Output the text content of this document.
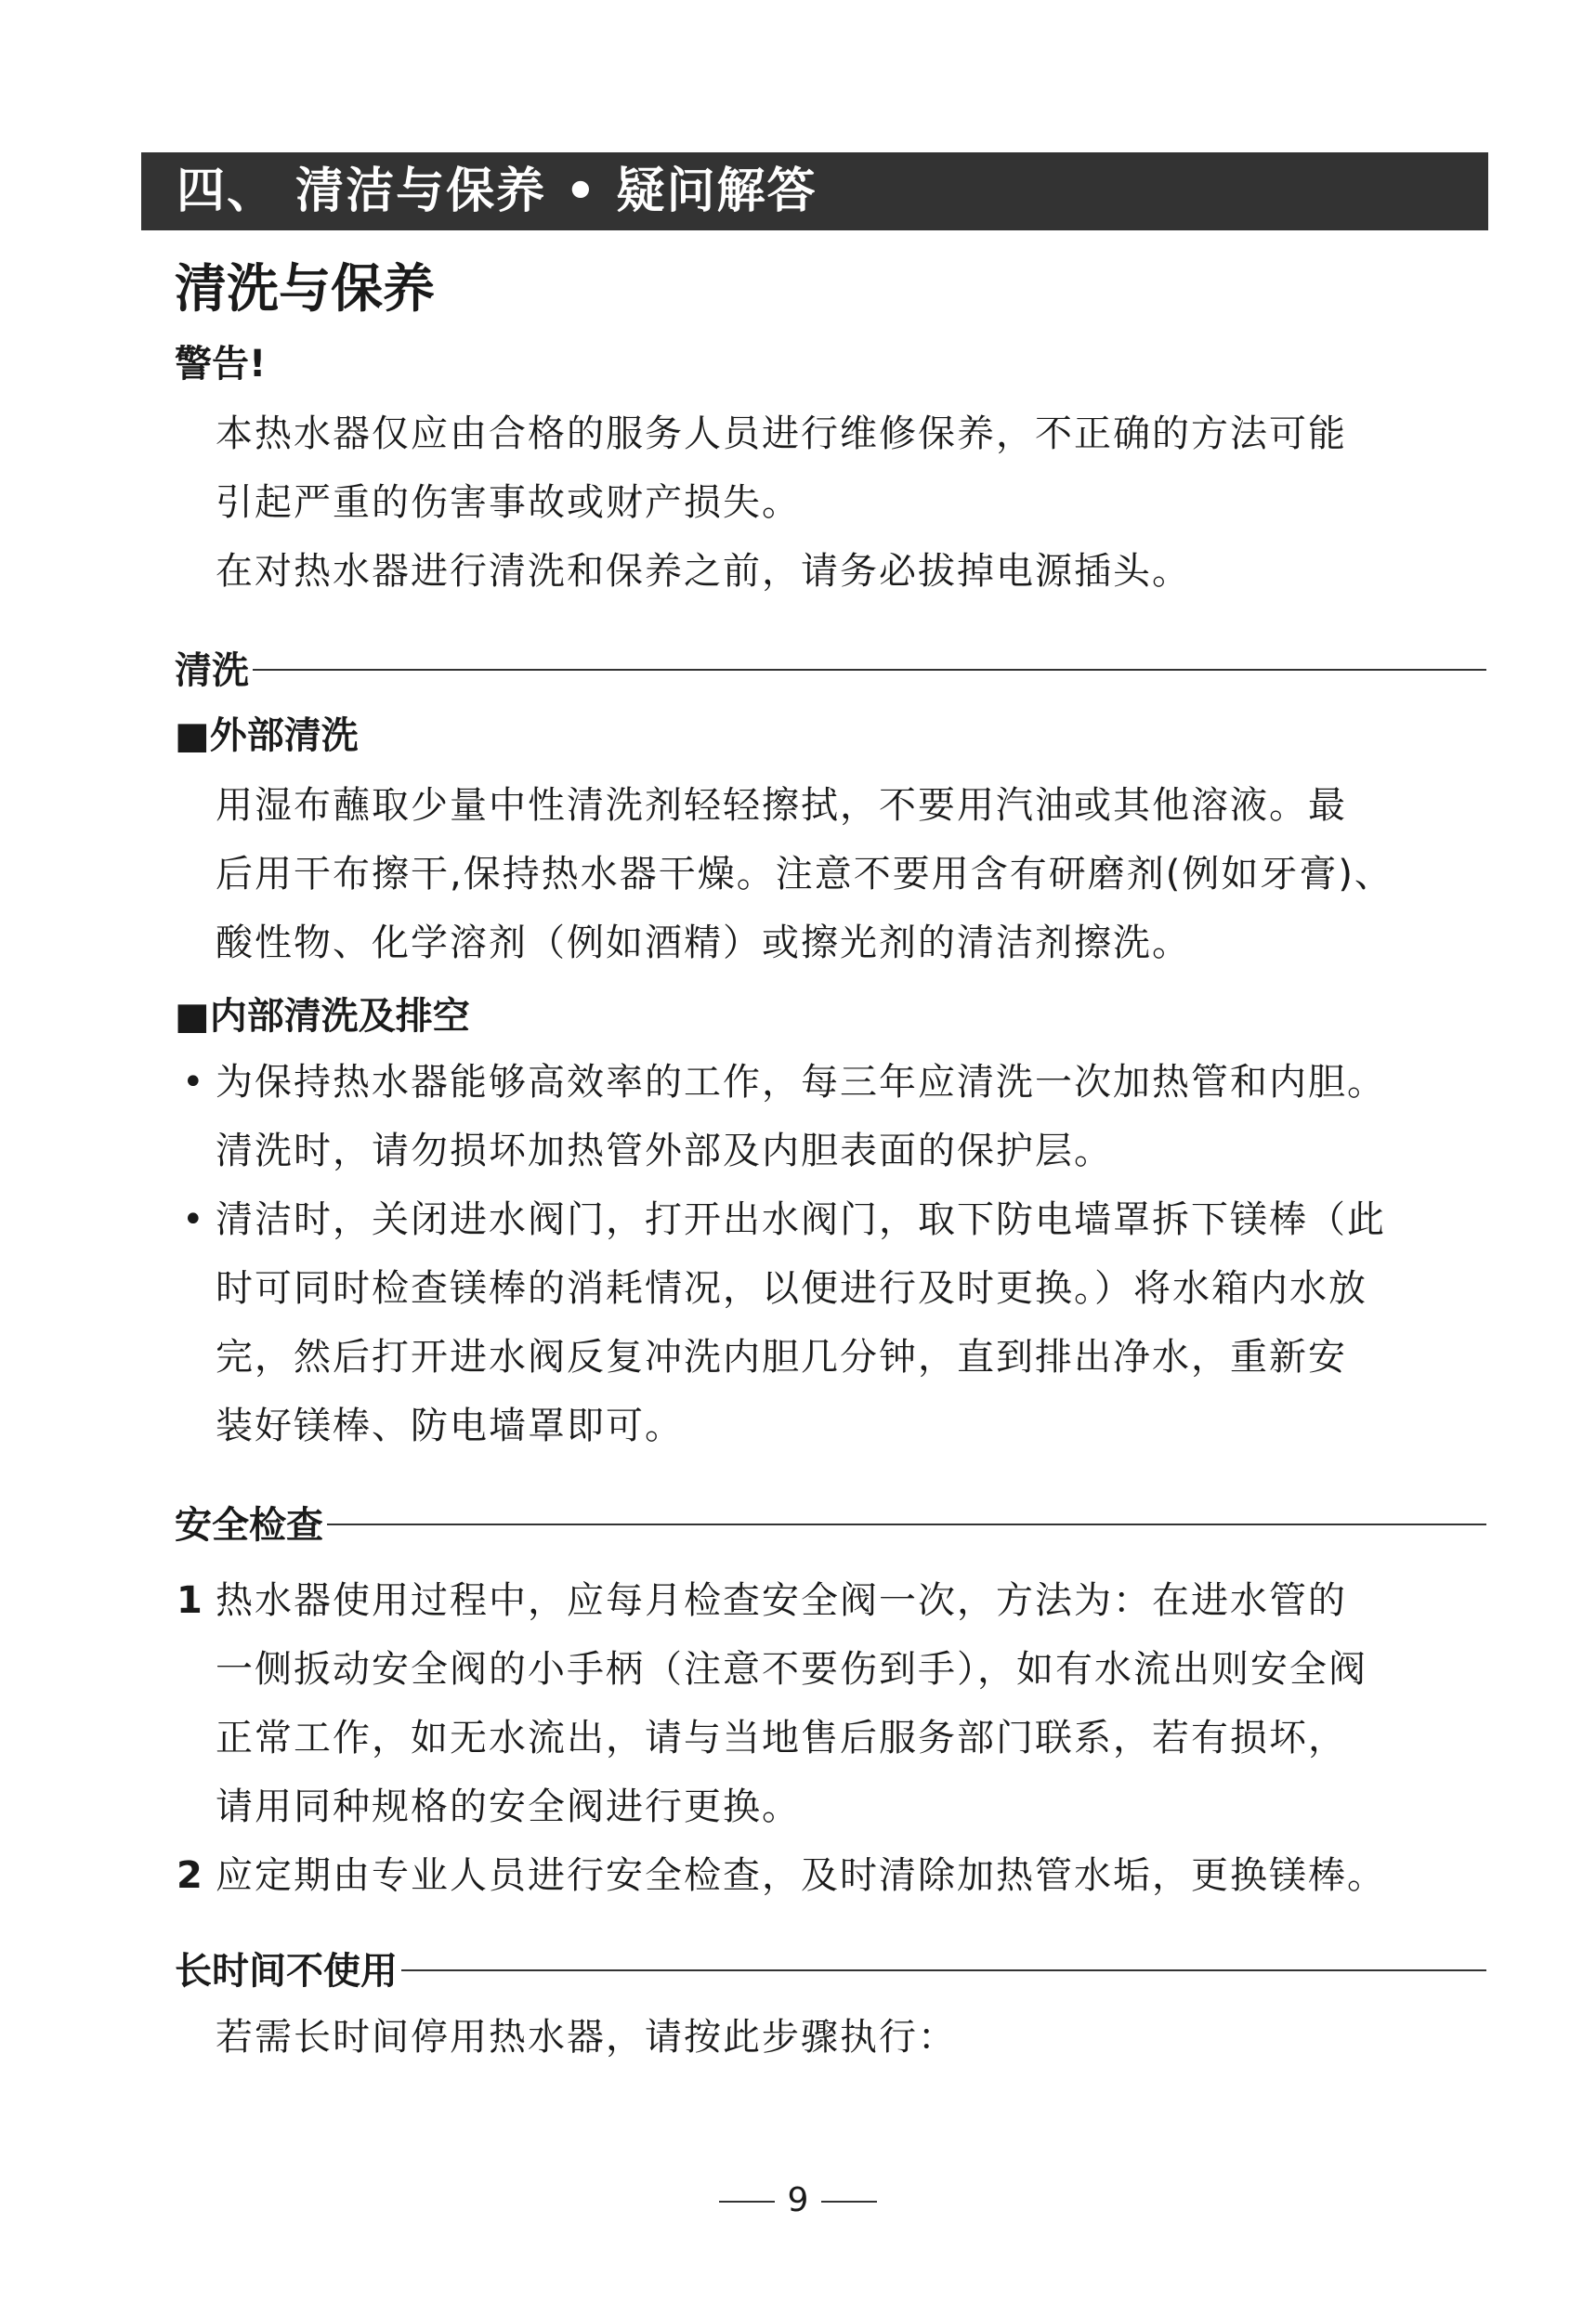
四、 清洁与保养 • 疑问解答
清洗与保养
警告!
本热水器仅应由合格的服务人员进行维修保养，不正确的方法可能
引起严重的伤害事故或财产损失。
在对热水器进行清洗和保养之前，请务必拔掉电源插头。
清洗
■外部清洗
用湿布蘸取少量中性清洗剂轻轻擦拭，不要用汽油或其他溶液。最
后用干布擦干,保持热水器干燥。注意不要用含有研磨剂(例如牙膏)、
酸性物、化学溶剂（例如酒精）或擦光剂的清洁剂擦洗。
■内部清洗及排空
• 为保持热水器能够高效率的工作，每三年应清洗一次加热管和内胆。
清洗时，请勿损坏加热管外部及内胆表面的保护层。
• 清洁时，关闭进水阀门，打开出水阀门，取下防电墙罩拆下镁棒（此
时可同时检查镁棒的消耗情况，以便进行及时更换。）将水箱内水放
完，然后打开进水阀反复冲洗内胆几分钟，直到排出净水，重新安
装好镁棒、防电墙罩即可。
安全检查
1 热水器使用过程中，应每月检查安全阀一次，方法为：在进水管的
一侧扳动安全阀的小手柄（注意不要伤到手），如有水流出则安全阀
正常工作，如无水流出，请与当地售后服务部门联系，若有损坏，
请用同种规格的安全阀进行更换。
2 应定期由专业人员进行安全检查，及时清除加热管水垢，更换镁棒。
长时间不使用
若需长时间停用热水器，请按此步骤执行：
9
